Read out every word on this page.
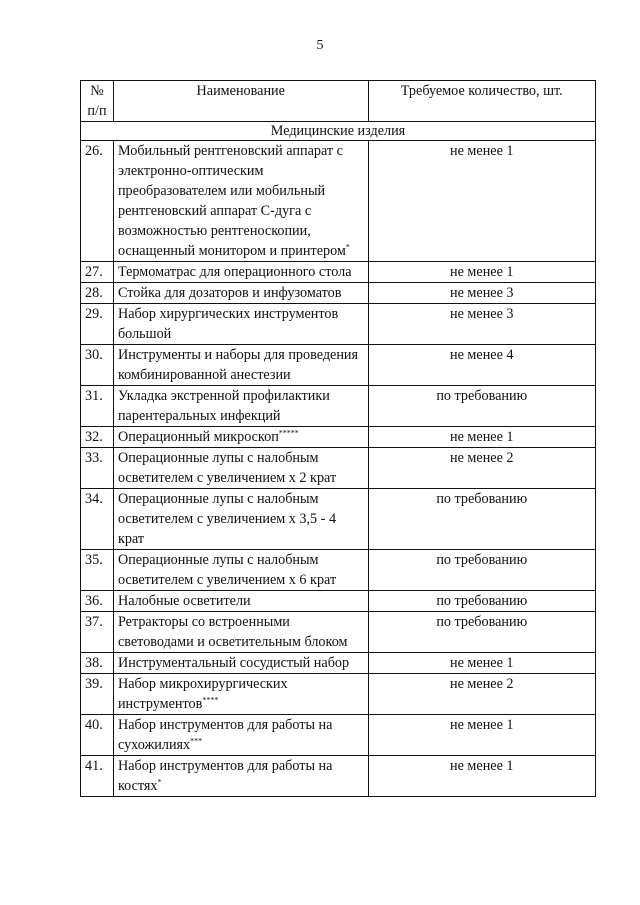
5
№ п/п	Наименование	Требуемое количество, шт.
Медицинские изделия		
26.	Мобильный рентгеновский аппарат с электронно-оптическим преобразователем или мобильный рентгеновский аппарат С-дуга с возможностью рентгеноскопии, оснащенный монитором и принтером*	не менее 1
27.	Термоматрас для операционного стола	не менее 1
28.	Стойка для дозаторов и инфузоматов	не менее 3
29.	Набор хирургических инструментов большой	не менее 3
30.	Инструменты и наборы для проведения комбинированной анестезии	не менее 4
31.	Укладка экстренной профилактики парентеральных инфекций	по требованию
32.	Операционный микроскоп*****	не менее 1
33.	Операционные лупы с налобным осветителем с увеличением х 2 крат	не менее 2
34.	Операционные лупы с налобным осветителем с увеличением х 3,5 - 4 крат	по требованию
35.	Операционные лупы с налобным осветителем с увеличением х 6 крат	по требованию
36.	Налобные осветители	по требованию
37.	Ретракторы со встроенными световодами и осветительным блоком	по требованию
38.	Инструментальный сосудистый набор	не менее 1
39.	Набор микрохирургических инструментов****	не менее 2
40.	Набор инструментов для работы на сухожилиях***	не менее 1
41.	Набор инструментов для работы на костях*	не менее 1
